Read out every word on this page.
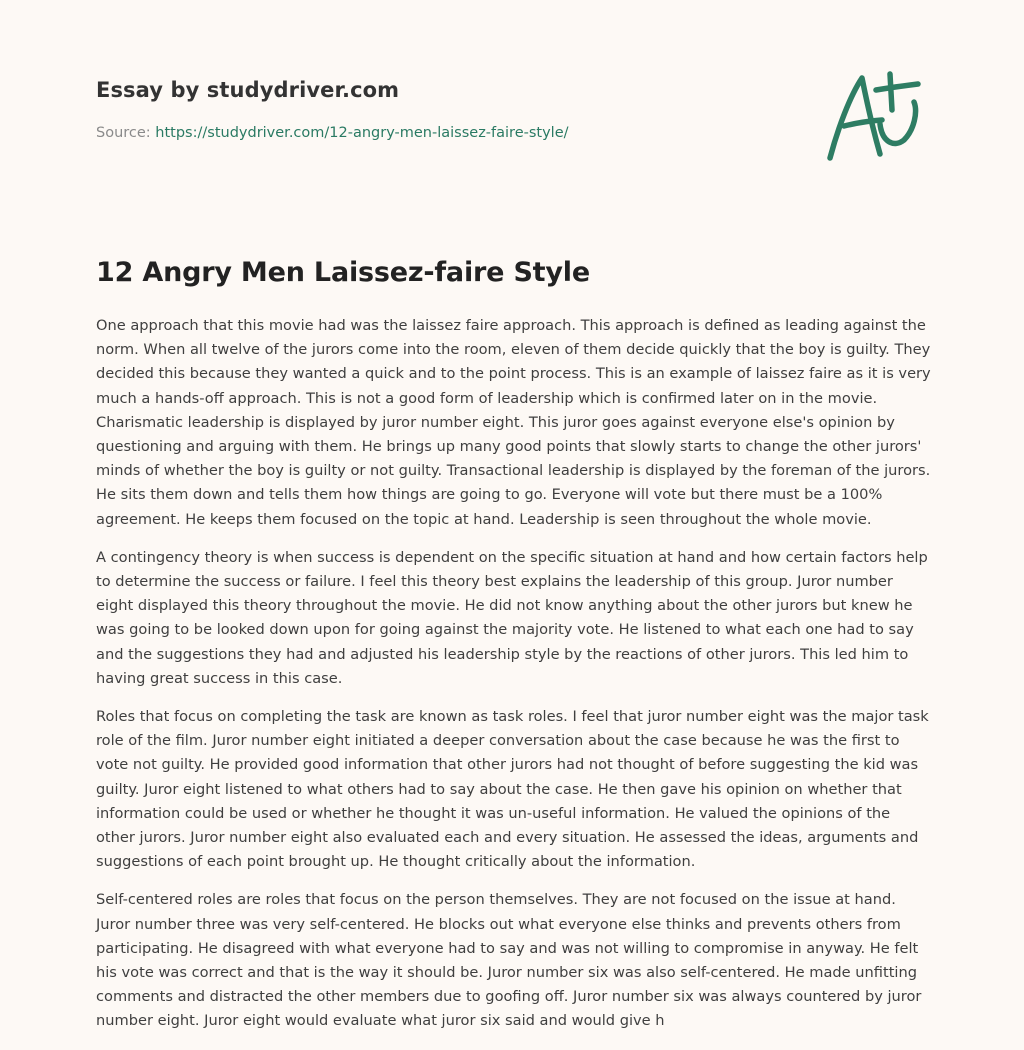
Essay by studydriver.com
Source: https://studydriver.com/12-angry-men-laissez-faire-style/
12 Angry Men Laissez-faire Style

One approach that this movie had was the laissez faire approach. This approach is defined as leading against the norm. When all twelve of the jurors come into the room, eleven of them decide quickly that the boy is guilty. They decided this because they wanted a quick and to the point process. This is an example of laissez faire as it is very much a hands-off approach. This is not a good form of leadership which is confirmed later on in the movie. Charismatic leadership is displayed by juror number eight. This juror goes against everyone else's opinion by questioning and arguing with them. He brings up many good points that slowly starts to change the other jurors' minds of whether the boy is guilty or not guilty. Transactional leadership is displayed by the foreman of the jurors. He sits them down and tells them how things are going to go. Everyone will vote but there must be a 100% agreement. He keeps them focused on the topic at hand. Leadership is seen throughout the whole movie.

A contingency theory is when success is dependent on the specific situation at hand and how certain factors help to determine the success or failure. I feel this theory best explains the leadership of this group. Juror number eight displayed this theory throughout the movie. He did not know anything about the other jurors but knew he was going to be looked down upon for going against the majority vote. He listened to what each one had to say and the suggestions they had and adjusted his leadership style by the reactions of other jurors. This led him to having great success in this case.

Roles that focus on completing the task are known as task roles. I feel that juror number eight was the major task role of the film. Juror number eight initiated a deeper conversation about the case because he was the first to vote not guilty. He provided good information that other jurors had not thought of before suggesting the kid was guilty. Juror eight listened to what others had to say about the case. He then gave his opinion on whether that information could be used or whether he thought it was un-useful information. He valued the opinions of the other jurors. Juror number eight also evaluated each and every situation. He assessed the ideas, arguments and suggestions of each point brought up. He thought critically about the information.

Self-centered roles are roles that focus on the person themselves. They are not focused on the issue at hand. Juror number three was very self-centered. He blocks out what everyone else thinks and prevents others from participating. He disagreed with what everyone had to say and was not willing to compromise in anyway. He felt his vote was correct and that is the way it should be. Juror number six was also self-centered. He made unfitting comments and distracted the other members due to goofing off. Juror number six was always countered by juror number eight. Juror eight would evaluate what juror six said and would give h
